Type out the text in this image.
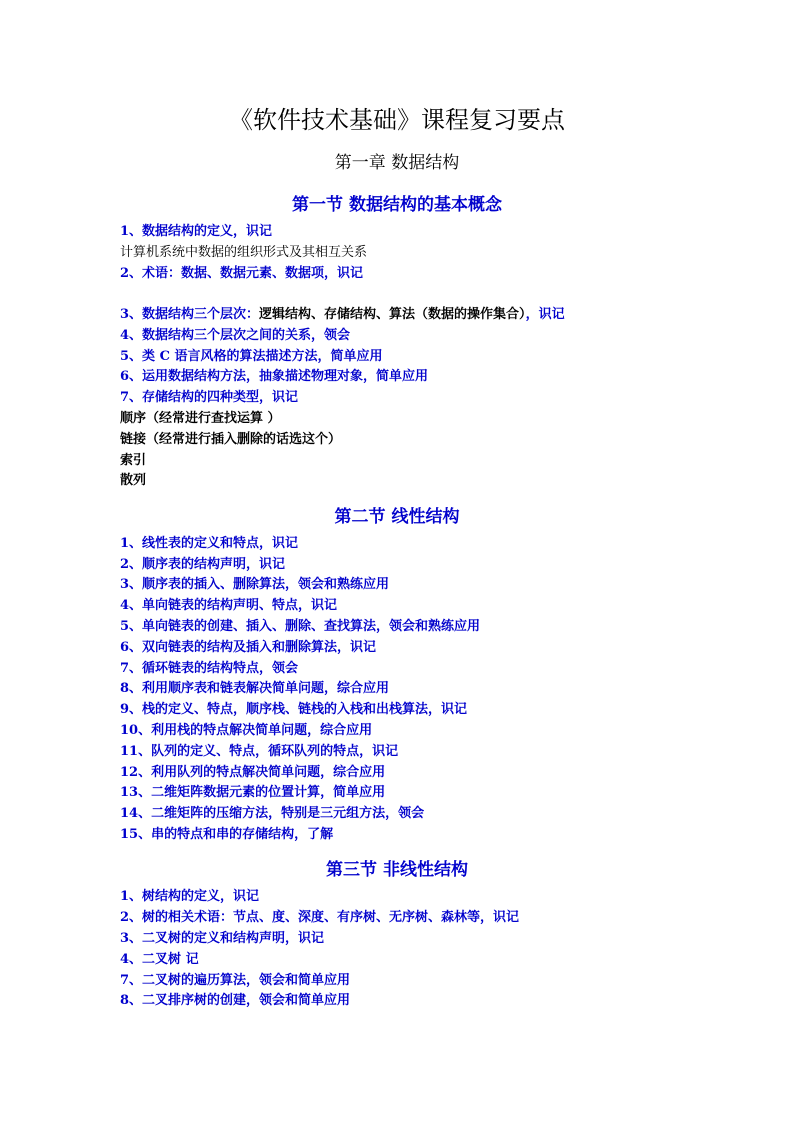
《软件技术基础》课程复习要点
第一章 数据结构
第一节 数据结构的基本概念
1、数据结构的定义，识记
计算机系统中数据的组织形式及其相互关系
2、术语：数据、数据元素、数据项，识记
3、数据结构三个层次：逻辑结构、存储结构、算法（数据的操作集合），识记
4、数据结构三个层次之间的关系，领会
5、类 C 语言风格的算法描述方法，简单应用
6、运用数据结构方法，抽象描述物理对象，简单应用
7、存储结构的四种类型，识记
顺序（经常进行查找运算 ）
链接（经常进行插入删除的话选这个）
索引
散列
第二节 线性结构
1、线性表的定义和特点，识记
2、顺序表的结构声明，识记
3、顺序表的插入、删除算法，领会和熟练应用
4、单向链表的结构声明、特点，识记
5、单向链表的创建、插入、删除、查找算法，领会和熟练应用
6、双向链表的结构及插入和删除算法，识记
7、循环链表的结构特点，领会
8、利用顺序表和链表解决简单问题，综合应用
9、栈的定义、特点，顺序栈、链栈的入栈和出栈算法，识记
10、利用栈的特点解决简单问题，综合应用
11、队列的定义、特点，循环队列的特点，识记
12、利用队列的特点解决简单问题，综合应用
13、二维矩阵数据元素的位置计算，简单应用
14、二维矩阵的压缩方法，特别是三元组方法，领会
15、串的特点和串的存储结构，了解
第三节 非线性结构
1、树结构的定义，识记
2、树的相关术语：节点、度、深度、有序树、无序树、森林等，识记
3、二叉树的定义和结构声明，识记
4、二叉树 记
7、二叉树的遍历算法，领会和简单应用
8、二叉排序树的创建，领会和简单应用
